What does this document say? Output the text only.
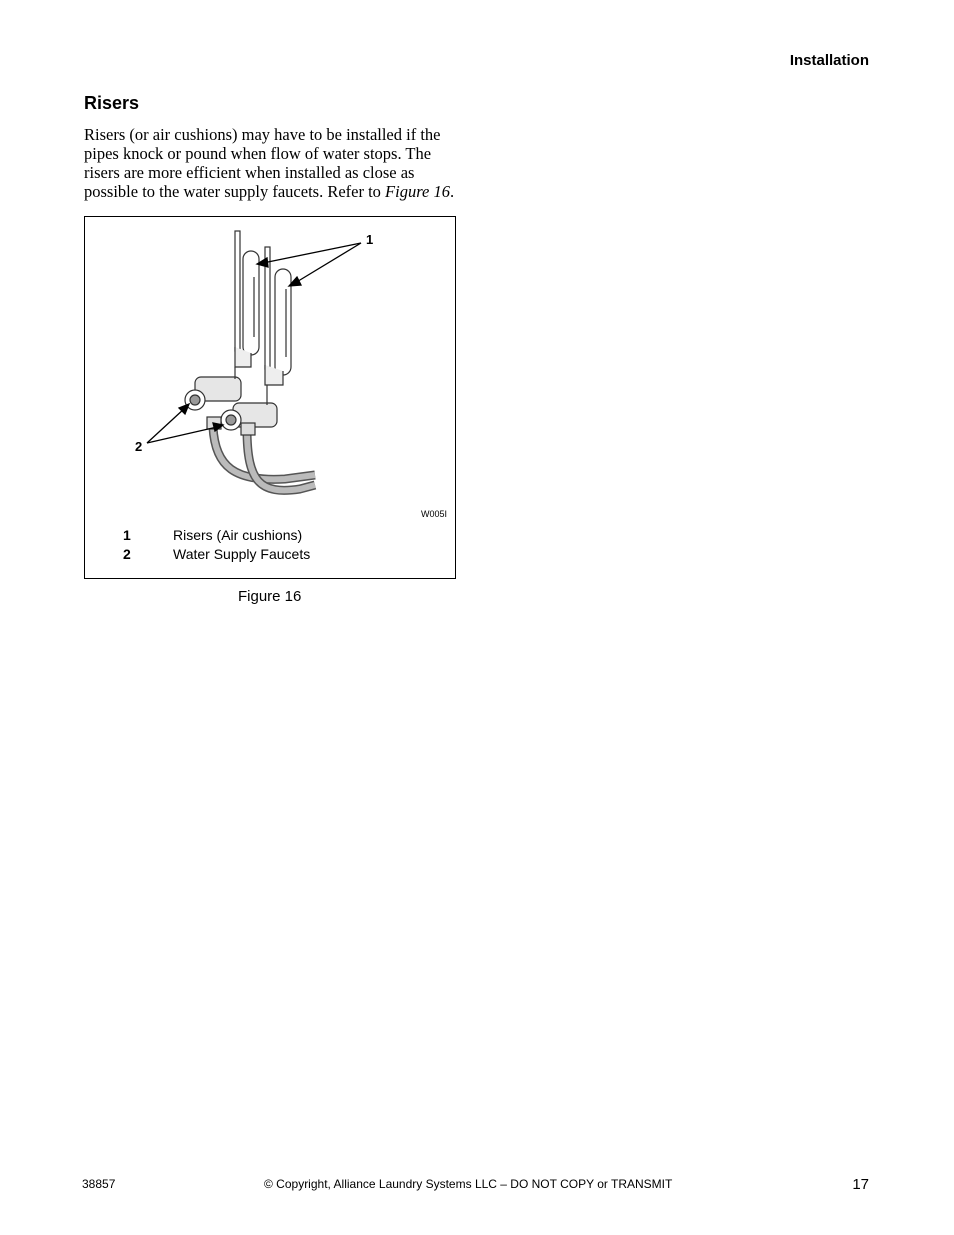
Installation
Risers

Risers (or air cushions) may have to be installed if the pipes knock or pound when flow of water stops. The risers are more efficient when installed as close as possible to the water supply faucets. Refer to Figure 16.

1
2
W005I
1	Risers (Air cushions)
2	Water Supply Faucets
Figure 16
38857	© Copyright, Alliance Laundry Systems LLC – DO NOT COPY or TRANSMIT	17
